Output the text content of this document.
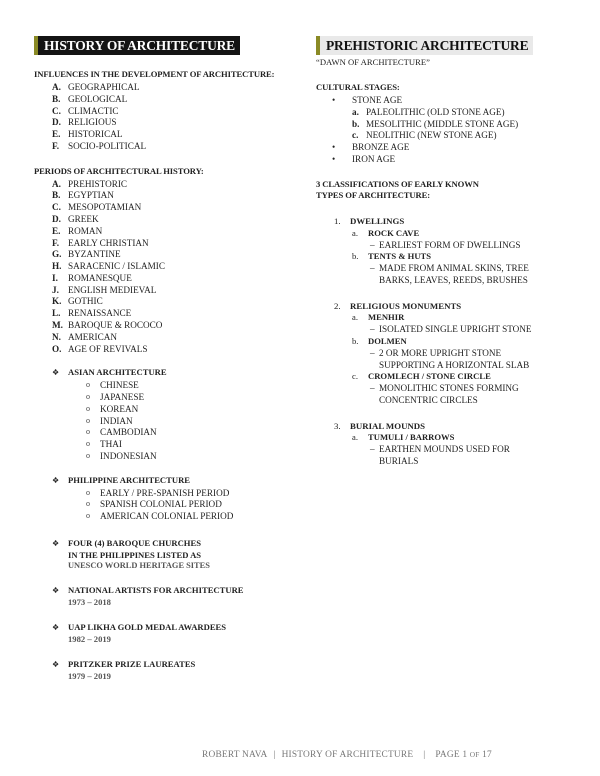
HISTORY OF ARCHITECTURE
INFLUENCES IN THE DEVELOPMENT OF ARCHITECTURE:
A. GEOGRAPHICAL
B. GEOLOGICAL
C. CLIMACTIC
D. RELIGIOUS
E. HISTORICAL
F. SOCIO-POLITICAL
PERIODS OF ARCHITECTURAL HISTORY:
A. PREHISTORIC
B. EGYPTIAN
C. MESOPOTAMIAN
D. GREEK
E. ROMAN
F. EARLY CHRISTIAN
G. BYZANTINE
H. SARACENIC / ISLAMIC
I.	ROMANESQUE
J. ENGLISH MEDIEVAL
K. GOTHIC
L. RENAISSANCE
M. BAROQUE & ROCOCO
N. AMERICAN
O. AGE OF REVIVALS
❖ ASIAN ARCHITECTURE
o	CHINESE
o	JAPANESE
o	KOREAN
o	INDIAN
o	CAMBODIAN
o	THAI
o	INDONESIAN
❖ PHILIPPINE ARCHITECTURE
o	EARLY / PRE-SPANISH PERIOD
o	SPANISH COLONIAL PERIOD
o	AMERICAN COLONIAL PERIOD
❖ FOUR (4) BAROQUE CHURCHES
IN THE PHILIPPINES LISTED AS
UNESCO WORLD HERITAGE SITES
❖ NATIONAL ARTISTS FOR ARCHITECTURE
1973 – 2018
❖ UAP LIKHA GOLD MEDAL AWARDEES
1982 – 2019
❖ PRITZKER PRIZE LAUREATES
1979 – 2019
PREHISTORIC ARCHITECTURE
“DAWN OF ARCHITECTURE”
CULTURAL STAGES:
•	STONE AGE
a. PALEOLITHIC (OLD STONE AGE)
b. MESOLITHIC (MIDDLE STONE AGE)
c. NEOLITHIC (NEW STONE AGE)
•	BRONZE AGE
•	IRON AGE
3 CLASSIFICATIONS OF EARLY KNOWN
TYPES OF ARCHITECTURE:
1.	DWELLINGS
a.	ROCK CAVE
– EARLIEST FORM OF DWELLINGS
b.	TENTS & HUTS
– MADE FROM ANIMAL SKINS, TREE
BARKS, LEAVES, REEDS, BRUSHES
2.	RELIGIOUS MONUMENTS
a.	MENHIR
– ISOLATED SINGLE UPRIGHT STONE
b.	DOLMEN
– 2 OR MORE UPRIGHT STONE
SUPPORTING A HORIZONTAL SLAB
c.	CROMLECH / STONE CIRCLE
– MONOLITHIC STONES FORMING
CONCENTRIC CIRCLES
3.	BURIAL MOUNDS
a.	TUMULI / BARROWS
– EARTHEN MOUNDS USED FOR
BURIALS
ROBERT NAVA | HISTORY OF ARCHITECTURE | PAGE 1 OF 17
